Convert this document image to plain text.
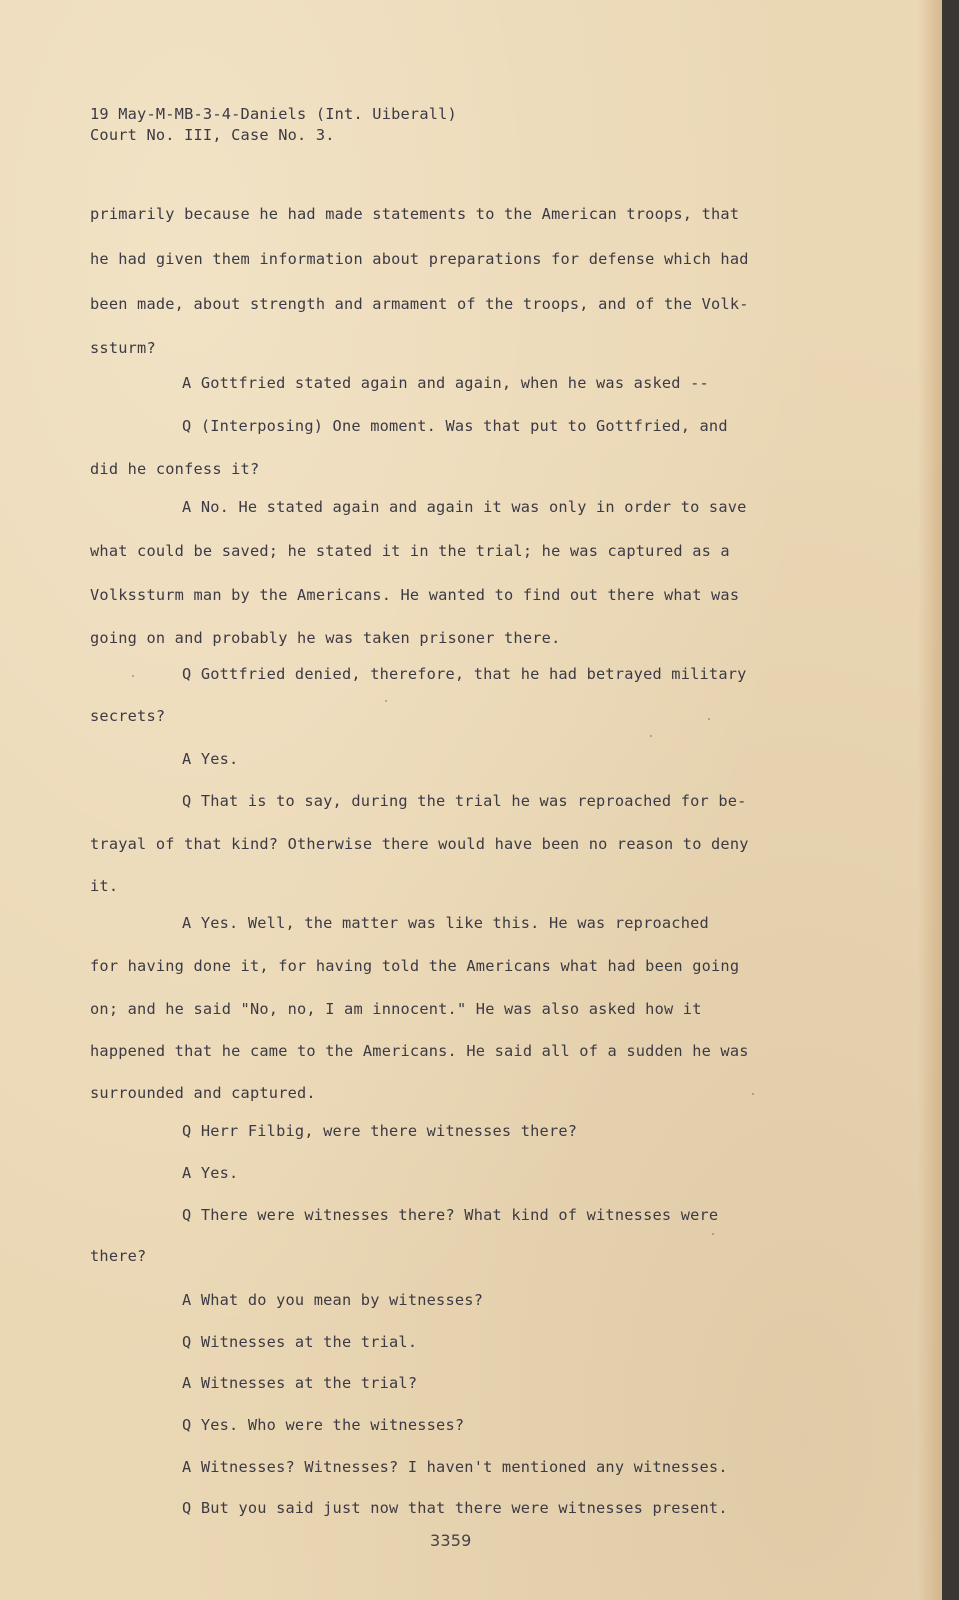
19 May-M-MB-3-4-Daniels (Int. Uiberall)
Court No. III, Case No. 3.
primarily because he had made statements to the American troops, that
he had given them information about preparations for defense which had
been made, about strength and armament of the troops, and of the Volk-
ssturm?
A Gottfried stated again and again, when he was asked --
Q (Interposing) One moment. Was that put to Gottfried, and
did he confess it?
A No. He stated again and again it was only in order to save
what could be saved; he stated it in the trial; he was captured as a
Volkssturm man by the Americans. He wanted to find out there what was
going on and probably he was taken prisoner there.
Q Gottfried denied, therefore, that he had betrayed military
secrets?
A Yes.
Q That is to say, during the trial he was reproached for be-
trayal of that kind? Otherwise there would have been no reason to deny
it.
A Yes. Well, the matter was like this. He was reproached
for having done it, for having told the Americans what had been going
on; and he said "No, no, I am innocent." He was also asked how it
happened that he came to the Americans. He said all of a sudden he was
surrounded and captured.
Q Herr Filbig, were there witnesses there?
A Yes.
Q There were witnesses there? What kind of witnesses were
there?
A What do you mean by witnesses?
Q Witnesses at the trial.
A Witnesses at the trial?
Q Yes. Who were the witnesses?
A Witnesses? Witnesses? I haven't mentioned any witnesses.
Q But you said just now that there were witnesses present.
3359
